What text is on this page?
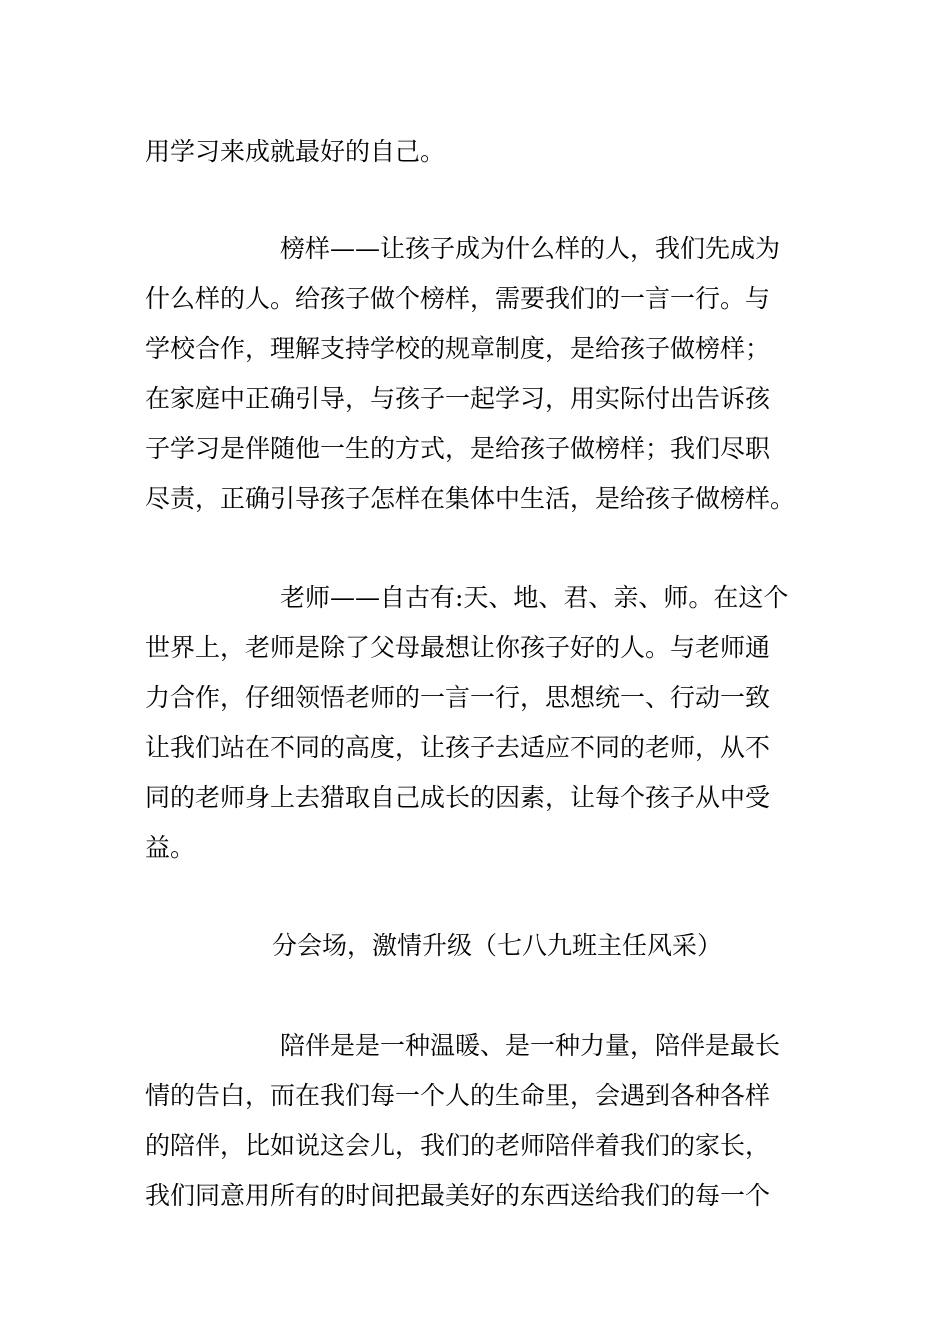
用学习来成就最好的自己。
榜样——让孩子成为什么样的人，我们先成为
什么样的人。给孩子做个榜样，需要我们的一言一行。与
学校合作，理解支持学校的规章制度，是给孩子做榜样；
在家庭中正确引导，与孩子一起学习，用实际付出告诉孩
子学习是伴随他一生的方式，是给孩子做榜样；我们尽职
尽责，正确引导孩子怎样在集体中生活，是给孩子做榜样。
老师——自古有:天、地、君、亲、师。在这个
世界上，老师是除了父母最想让你孩子好的人。与老师通
力合作，仔细领悟老师的一言一行，思想统一、行动一致
让我们站在不同的高度，让孩子去适应不同的老师，从不
同的老师身上去猎取自己成长的因素，让每个孩子从中受
益。
分会场，激情升级（七八九班主任风采）
陪伴是是一种温暖、是一种力量，陪伴是最长
情的告白，而在我们每一个人的生命里，会遇到各种各样
的陪伴，比如说这会儿，我们的老师陪伴着我们的家长，
我们同意用所有的时间把最美好的东西送给我们的每一个
